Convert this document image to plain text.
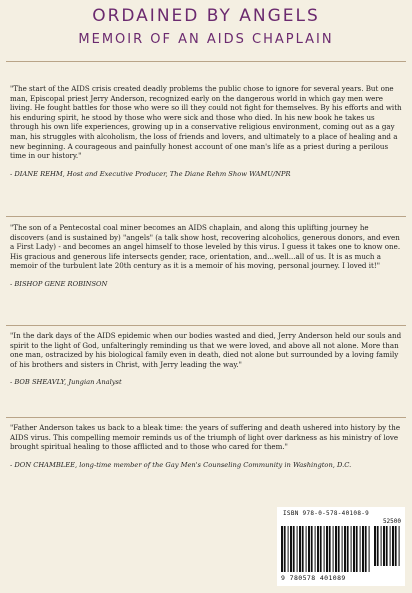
ORDAINED BY ANGELS
MEMOIR OF AN AIDS CHAPLAIN

"The start of the AIDS crisis created deadly problems the public chose to ignore for several years. But one man, Episcopal priest Jerry Anderson, recognized early on the dangerous world in which gay men were living. He fought battles for those who were so ill they could not fight for themselves. By his efforts and with his enduring spirit, he stood by those who were sick and those who died. In his new book he takes us through his own life experiences, growing up in a conservative religious environment, coming out as a gay man, his struggles with alcoholism, the loss of friends and lovers, and ultimately to a place of healing and a new beginning. A courageous and painfully honest account of one man's life as a priest during a perilous time in our history."

- DIANE REHM, Host and Executive Producer, The Diane Rehm Show WAMU/NPR

"The son of a Pentecostal coal miner becomes an AIDS chaplain, and along this uplifting journey he discovers (and is sustained by) "angels" (a talk show host, recovering alcoholics, generous donors, and even a First Lady) - and becomes an angel himself to those leveled by this virus. I guess it takes one to know one. His gracious and generous life intersects gender, race, orientation, and...well...all of us. It is as much a memoir of the turbulent late 20th century as it is a memoir of his moving, personal journey. I loved it!"

- BISHOP GENE ROBINSON

"In the dark days of the AIDS epidemic when our bodies wasted and died, Jerry Anderson held our souls and spirit to the light of God, unfalteringly reminding us that we were loved, and above all not alone. More than one man, ostracized by his biological family even in death, died not alone but surrounded by a loving family of his brothers and sisters in Christ, with Jerry leading the way."

- BOB SHEAVLY, Jungian Analyst

"Father Anderson takes us back to a bleak time: the years of suffering and death ushered into history by the AIDS virus. This compelling memoir reminds us of the triumph of light over darkness as his ministry of love brought spiritual healing to those afflicted and to those who cared for them."

- DON CHAMBLEE, long-time member of the Gay Men's Counseling Community in Washington, D.C.

ISBN 978-0-578-40108-9
52500
9 780578 401089
